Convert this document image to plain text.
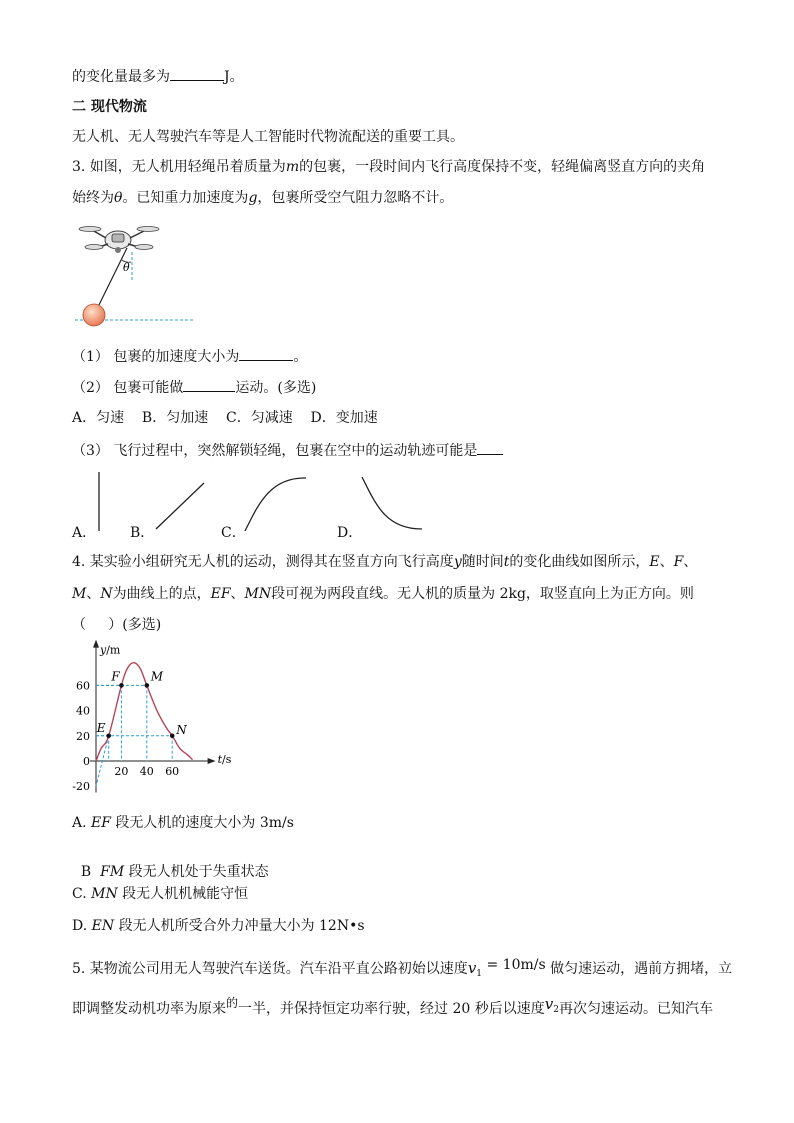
的变化量最多为	J。
二 现代物流
无人机、无人驾驶汽车等是人工智能时代物流配送的重要工具。
3. 如图，无人机用轻绳吊着质量为m的包裹，一段时间内飞行高度保持不变，轻绳偏离竖直方向的夹角
始终为θ。已知重力加速度为g，包裹所受空气阻力忽略不计。
θ
（1） 包裹的加速度大小为	。
（2） 包裹可能做	运动。(多选)
A．匀速    B．匀加速    C．匀减速    D．变加速
（3） 飞行过程中，突然解锁轻绳，包裹在空中的运动轨迹可能是
A． B．	C．	D．
4. 某实验小组研究无人机的运动，测得其在竖直方向飞行高度y随时间t的变化曲线如图所示，E、F、
M、N为曲线上的点，EF、MN段可视为两段直线。无人机的质量为 2kg，取竖直向上为正方向。则
（     ）(多选)
y/m
t/s
-20
0
20
40
60
20 40 60
E
F	M
N
A. EF 段无人机的速度大小为 3m/s

B  FM 段无人机处于失重状态

C. MN 段无人机机械能守恒
D. EN 段无人机所受合外力冲量大小为 12N•s
5. 某物流公司用无人驾驶汽车送货。汽车沿平直公路初始以速度$v_1 = 10m/s$ 做匀速运动，遇前方拥堵，立
即调整发动机功率为原来的一半，并保持恒定功率行驶，经过 20 秒后以速度$v_2$再次匀速运动。已知汽车
